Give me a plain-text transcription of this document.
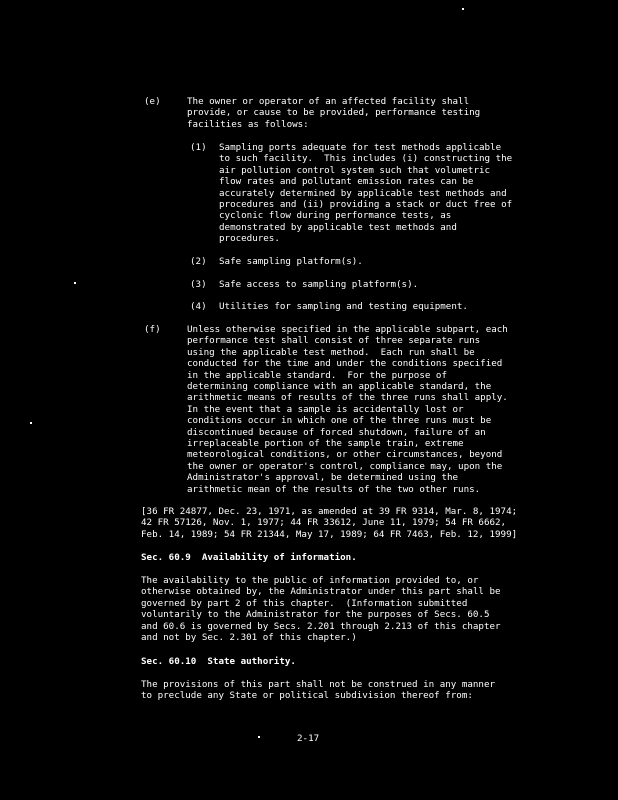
(e)	The owner or operator of an affected facility shall
provide, or cause to be provided, performance testing
facilities as follows:
(1) Sampling ports adequate for test methods applicable
to such facility.  This includes (i) constructing the
air pollution control system such that volumetric
flow rates and pollutant emission rates can be
accurately determined by applicable test methods and
procedures and (ii) providing a stack or duct free of
cyclonic flow during performance tests, as
demonstrated by applicable test methods and
procedures.
(2) Safe sampling platform(s).
(3) Safe access to sampling platform(s).
(4) Utilities for sampling and testing equipment.
(f)	Unless otherwise specified in the applicable subpart, each
performance test shall consist of three separate runs
using the applicable test method.  Each run shall be
conducted for the time and under the conditions specified
in the applicable standard.  For the purpose of
determining compliance with an applicable standard, the
arithmetic means of results of the three runs shall apply.
In the event that a sample is accidentally lost or
conditions occur in which one of the three runs must be
discontinued because of forced shutdown, failure of an
irreplaceable portion of the sample train, extreme
meteorological conditions, or other circumstances, beyond
the owner or operator's control, compliance may, upon the
Administrator's approval, be determined using the
arithmetic mean of the results of the two other runs.
[36 FR 24877, Dec. 23, 1971, as amended at 39 FR 9314, Mar. 8, 1974;
42 FR 57126, Nov. 1, 1977; 44 FR 33612, June 11, 1979; 54 FR 6662,
Feb. 14, 1989; 54 FR 21344, May 17, 1989; 64 FR 7463, Feb. 12, 1999]
Sec. 60.9  Availability of information.
The availability to the public of information provided to, or
otherwise obtained by, the Administrator under this part shall be
governed by part 2 of this chapter.  (Information submitted
voluntarily to the Administrator for the purposes of Secs. 60.5
and 60.6 is governed by Secs. 2.201 through 2.213 of this chapter
and not by Sec. 2.301 of this chapter.)
Sec. 60.10  State authority.
The provisions of this part shall not be construed in any manner
to preclude any State or political subdivision thereof from:
2-17
